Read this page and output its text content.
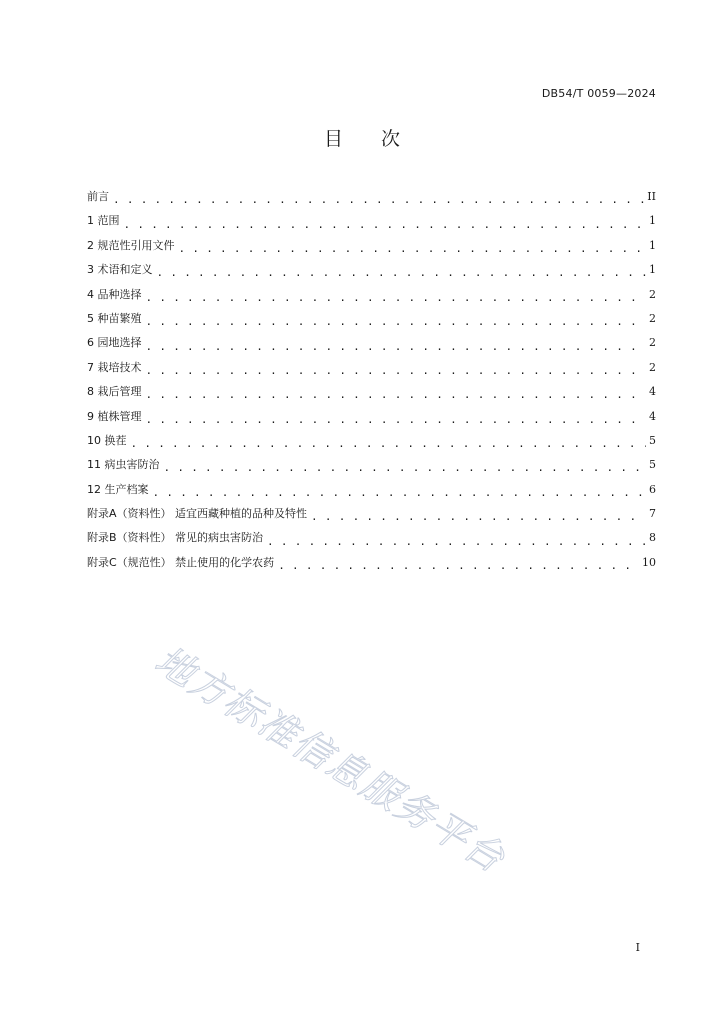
DB54/T 0059—2024
目 次
前言 . . .	II
1 范围 . . .	1
2 规范性引用文件 . . .	1
3 术语和定义 . . .	1
4 品种选择 . . .	2
5 种苗繁殖 . . .	2
6 园地选择 . . .	2
7 栽培技术 . . .	2
8 栽后管理 . . .	4
9 植株管理 . . .	4
10 换茬 . . .	5
11 病虫害防治 . . .	5
12 生产档案 . . .	6
附录A（资料性） 适宜西藏种植的品种及特性 . . .	7
附录B（资料性） 常见的病虫害防治 . . .	8
附录C（规范性） 禁止使用的化学农药 . . .	10
地方标准信息服务平台
I
